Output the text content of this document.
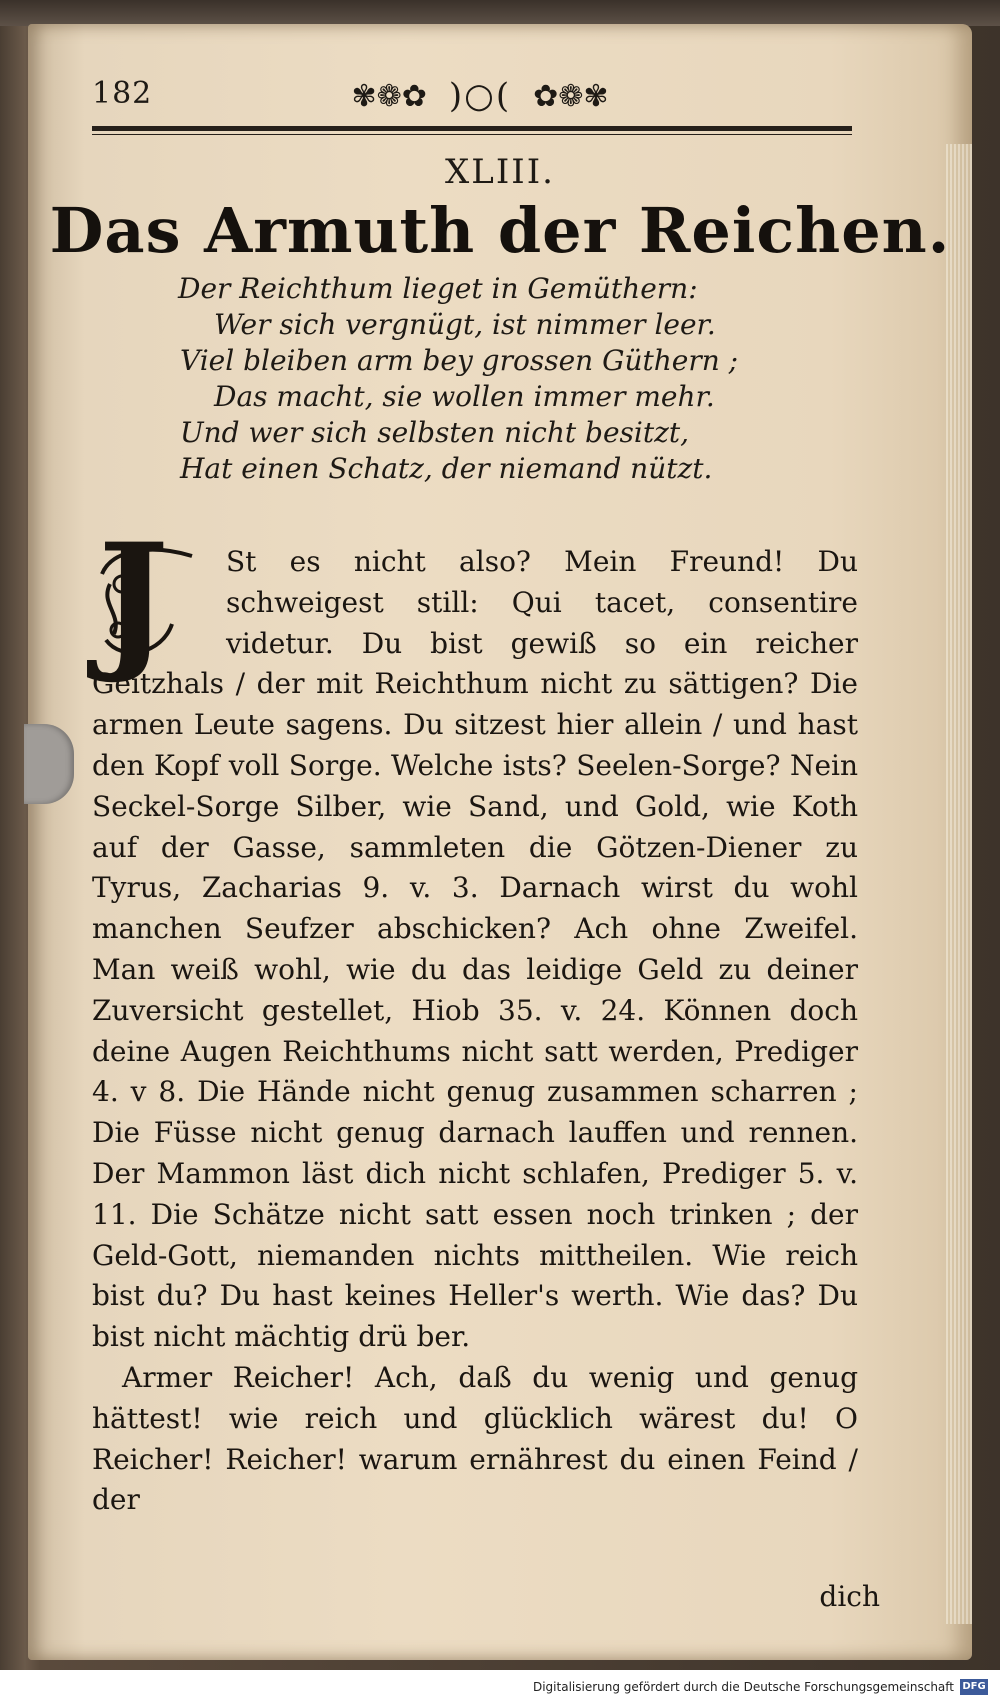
182	✾❁✿ )○( ✿❁✾
XLIII.
Das Armuth der Reichen.
Der Reichthum lieget in Gemüthern:
Wer sich vergnügt, ist nimmer leer.
Viel bleiben arm bey grossen Güthern ;
Das macht, sie wollen immer mehr.
Und wer sich selbsten nicht besitzt,
Hat einen Schatz, der niemand nützt.
J	St es nicht also? Mein Freund! Du schweigest still: Qui tacet, consentire videtur. Du bist gewiß so ein reicher Geitzhals / der mit Reichthum nicht zu sättigen? Die armen Leute sagens. Du sitzest hier allein / und hast den Kopf voll Sorge. Welche ists? Seelen-Sorge? Nein Seckel-Sorge Silber, wie Sand, und Gold, wie Koth auf der Gasse, sammleten die Götzen-Diener zu Tyrus, Zacharias 9. v. 3. Darnach wirst du wohl manchen Seufzer abschicken? Ach ohne Zweifel. Man weiß wohl, wie du das leidige Geld zu deiner Zuversicht gestellet, Hiob 35. v. 24. Können doch deine Augen Reichthums nicht satt werden, Prediger 4. v 8. Die Hände nicht genug zusammen scharren ; Die Füsse nicht genug darnach lauffen und rennen. Der Mammon läst dich nicht schlafen, Prediger 5. v. 11. Die Schätze nicht satt essen noch trinken ; der Geld-Gott, niemanden nichts mittheilen. Wie reich bist du? Du hast keines Heller's werth. Wie das? Du bist nicht mächtig drü ber.

Armer Reicher! Ach, daß du wenig und genug hättest! wie reich und glücklich wärest du! O Reicher! Reicher! warum ernährest du einen Feind / der

dich
Digitalisierung gefördert durch die Deutsche Forschungsgemeinschaft DFG
